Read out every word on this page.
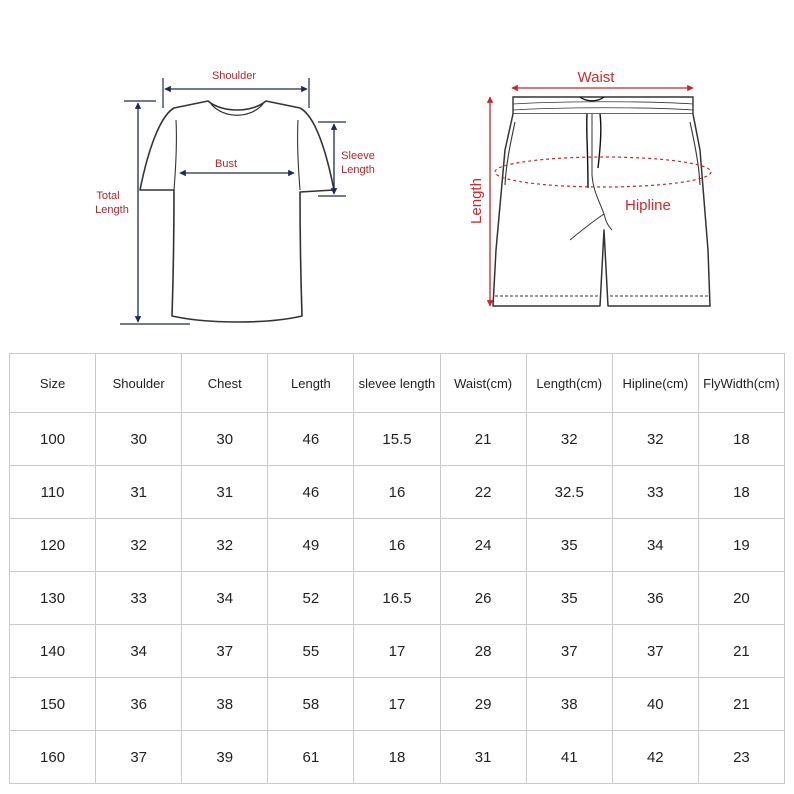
Shoulder
Bust
Sleeve
Length
Total
Length
Waist
Hipline
Length
Size	Shoulder	Chest	Length	slevee length	Waist(cm)	Length(cm)	Hipline(cm)	FlyWidth(cm)
100	30	30	46	15.5	21	32	32	18
110	31	31	46	16	22	32.5	33	18
120	32	32	49	16	24	35	34	19
130	33	34	52	16.5	26	35	36	20
140	34	37	55	17	28	37	37	21
150	36	38	58	17	29	38	40	21
160	37	39	61	18	31	41	42	23
